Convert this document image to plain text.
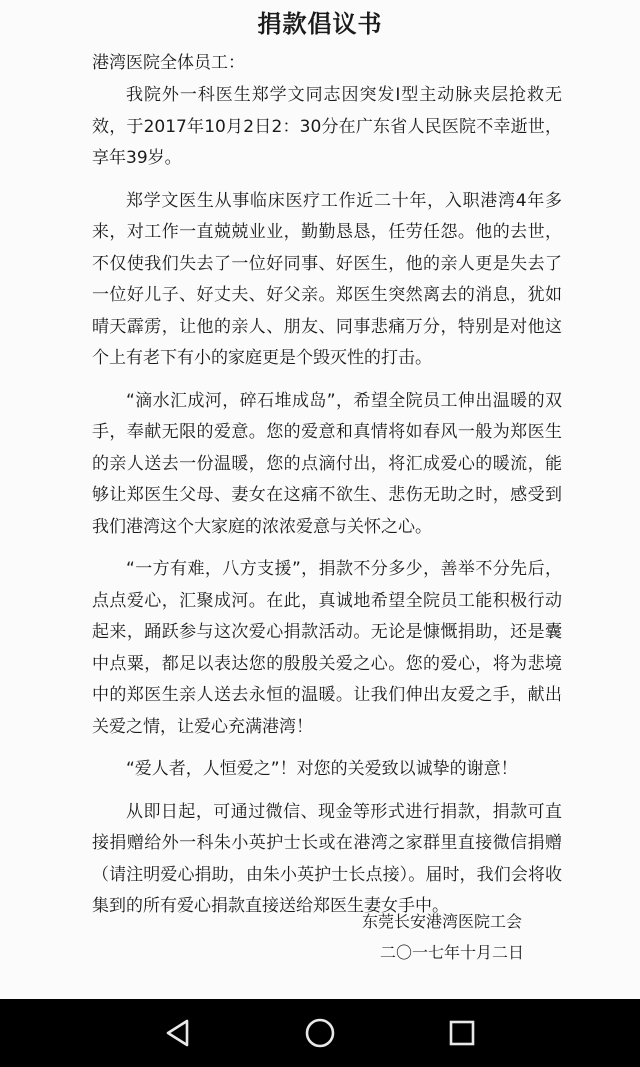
捐款倡议书
港湾医院全体员工：

我院外一科医生郑学文同志因突发Ⅰ型主动脉夹层抢救无效，于2017年10月2日2：30分在广东省人民医院不幸逝世，享年39岁。

郑学文医生从事临床医疗工作近二十年，入职港湾4年多来，对工作一直兢兢业业，勤勤恳恳，任劳任怨。他的去世，不仅使我们失去了一位好同事、好医生，他的亲人更是失去了一位好儿子、好丈夫、好父亲。郑医生突然离去的消息，犹如晴天霹雳，让他的亲人、朋友、同事悲痛万分，特别是对他这个上有老下有小的家庭更是个毁灭性的打击。

“滴水汇成河，碎石堆成岛”，希望全院员工伸出温暖的双手，奉献无限的爱意。您的爱意和真情将如春风一般为郑医生的亲人送去一份温暖，您的点滴付出，将汇成爱心的暖流，能够让郑医生父母、妻女在这痛不欲生、悲伤无助之时，感受到我们港湾这个大家庭的浓浓爱意与关怀之心。

“一方有难，八方支援”，捐款不分多少，善举不分先后，点点爱心，汇聚成河。在此，真诚地希望全院员工能积极行动起来，踊跃参与这次爱心捐款活动。无论是慷慨捐助，还是囊中点粟，都足以表达您的殷殷关爱之心。您的爱心，将为悲境中的郑医生亲人送去永恒的温暖。让我们伸出友爱之手，献出关爱之情，让爱心充满港湾！

“爱人者，人恒爱之”！对您的关爱致以诚挚的谢意！

从即日起，可通过微信、现金等形式进行捐款，捐款可直接捐赠给外一科朱小英护士长或在港湾之家群里直接微信捐赠（请注明爱心捐助，由朱小英护士长点接）。届时，我们会将收集到的所有爱心捐款直接送给郑医生妻女手中。

东莞长安港湾医院工会
二〇一七年十月二日
